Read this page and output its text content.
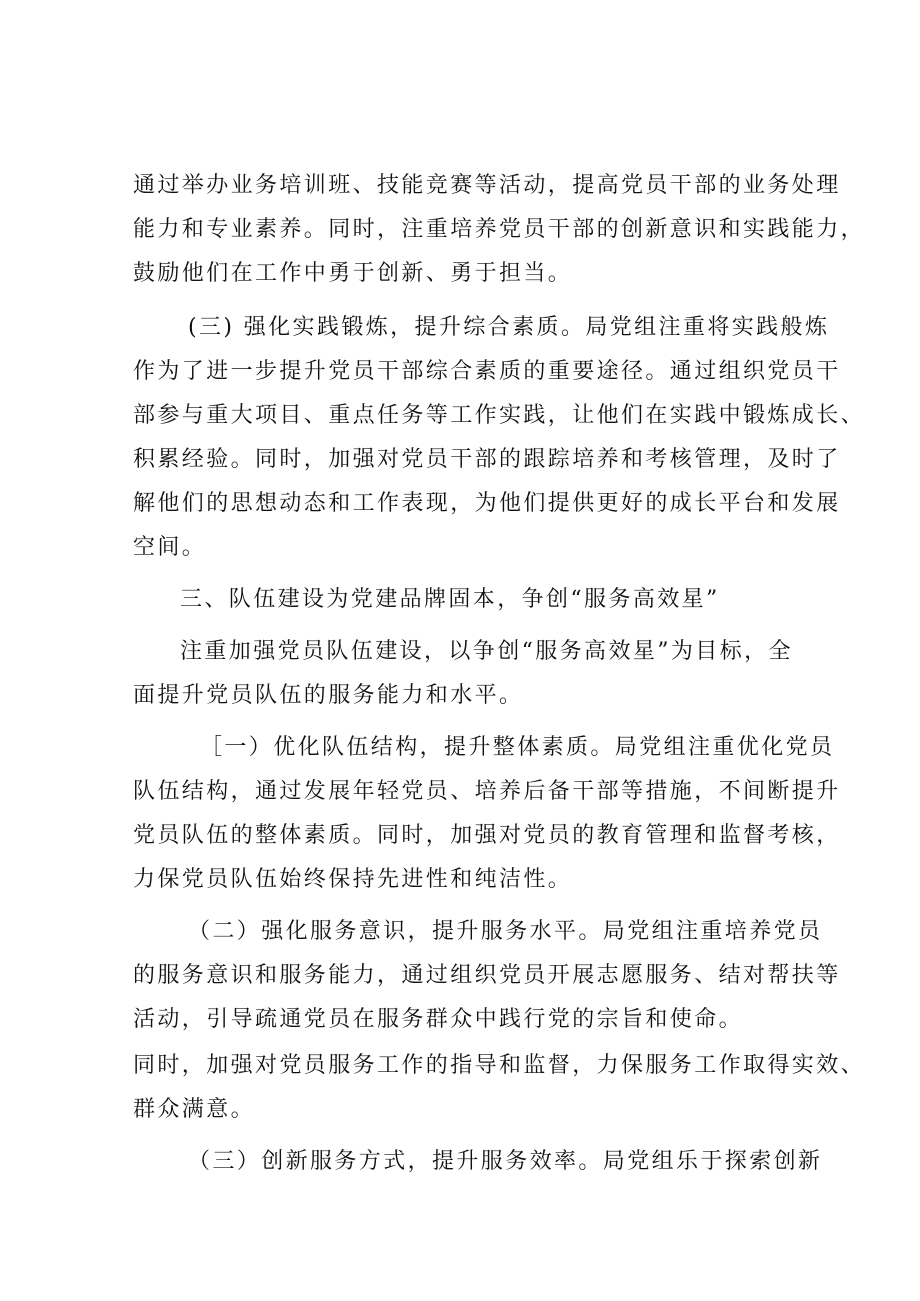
通过举办业务培训班、技能竞赛等活动，提高党员干部的业务处理
能力和专业素养。同时，注重培养党员干部的创新意识和实践能力，
鼓励他们在工作中勇于创新、勇于担当。
(三) 强化实践锻炼，提升综合素质。局党组注重将实践般炼
作为了进一步提升党员干部综合素质的重要途径。通过组织党员干
部参与重大项目、重点任务等工作实践，让他们在实践中锻炼成长、
积累经验。同时，加强对党员干部的跟踪培养和考核管理，及时了
解他们的思想动态和工作表现，为他们提供更好的成长平台和发展
空间。
三、队伍建设为党建品牌固本，争创“服务高效星”
注重加强党员队伍建设，以争创“服务高效星”为目标，全
面提升党员队伍的服务能力和水平。
［一）优化队伍结构，提升整体素质。局党组注重优化党员
队伍结构，通过发展年轻党员、培养后备干部等措施，不间断提升
党员队伍的整体素质。同时，加强对党员的教育管理和监督考核，
力保党员队伍始终保持先进性和纯洁性。
（二）强化服务意识，提升服务水平。局党组注重培养党员
的服务意识和服务能力，通过组织党员开展志愿服务、结对帮扶等
活动，引导疏通党员在服务群众中践行党的宗旨和使命。
同时，加强对党员服务工作的指导和监督，力保服务工作取得实效、
群众满意。
（三）创新服务方式，提升服务效率。局党组乐于探索创新
